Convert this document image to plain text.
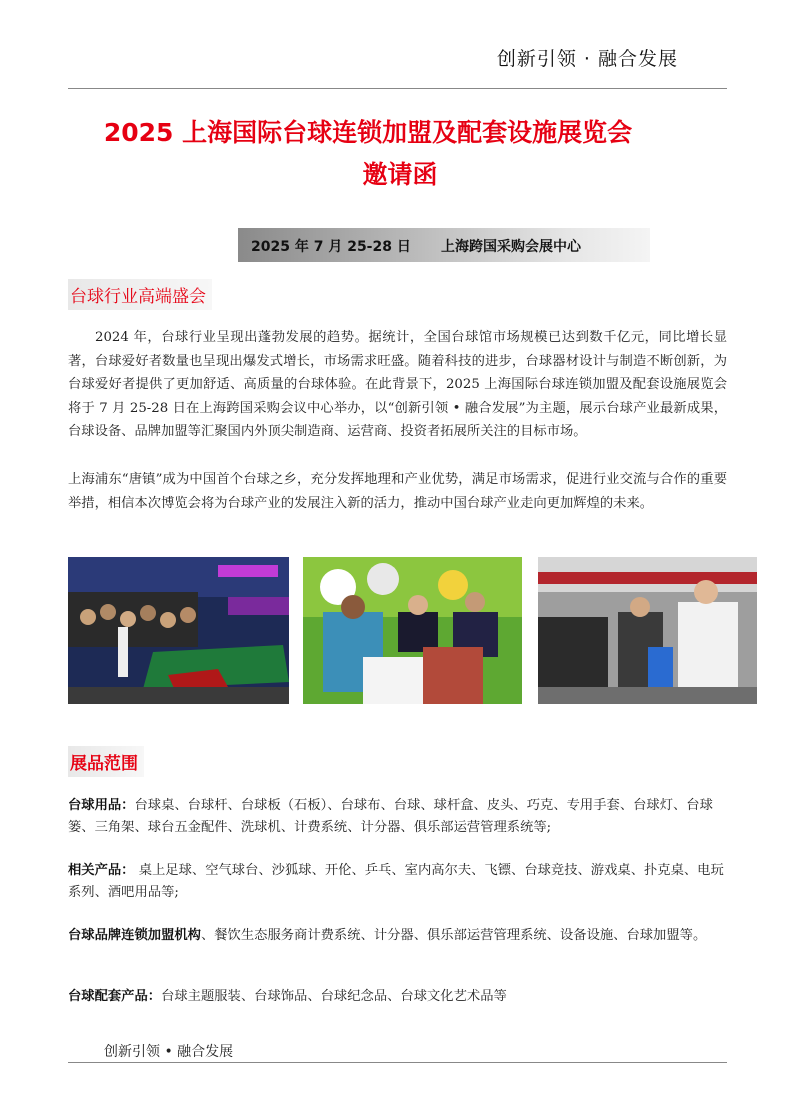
创新引领 · 融合发展
2025 上海国际台球连锁加盟及配套设施展览会
邀请函
2025 年 7 月 25-28 日 上海跨国采购会展中心
台球行业高端盛会
2024 年，台球行业呈现出蓬勃发展的趋势。据统计，全国台球馆市场规模已达到数千亿元，同比增长显著，台球爱好者数量也呈现出爆发式增长，市场需求旺盛。随着科技的进步，台球器材设计与制造不断创新，为台球爱好者提供了更加舒适、高质量的台球体验。在此背景下，2025 上海国际台球连锁加盟及配套设施展览会将于 7 月 25-28 日在上海跨国采购会议中心举办，以“创新引领 • 融合发展”为主题，展示台球产业最新成果，台球设备、品牌加盟等汇聚国内外顶尖制造商、运营商、投资者拓展所关注的目标市场。
上海浦东“唐镇”成为中国首个台球之乡，充分发挥地理和产业优势，满足市场需求，促进行业交流与合作的重要举措，相信本次博览会将为台球产业的发展注入新的活力，推动中国台球产业走向更加辉煌的未来。
展品范围
台球用品：台球桌、台球杆、台球板（石板）、台球布、台球、球杆盒、皮头、巧克、专用手套、台球灯、台球篓、三角架、球台五金配件、洗球机、计费系统、计分器、俱乐部运营管理系统等;
相关产品： 桌上足球、空气球台、沙狐球、开伦、乒乓、室内高尔夫、飞镖、台球竞技、游戏桌、扑克桌、电玩系列、酒吧用品等;
台球品牌连锁加盟机构、餐饮生态服务商计费系统、计分器、俱乐部运营管理系统、设备设施、台球加盟等。
台球配套产品：台球主题服装、台球饰品、台球纪念品、台球文化艺术品等
创新引领 • 融合发展
